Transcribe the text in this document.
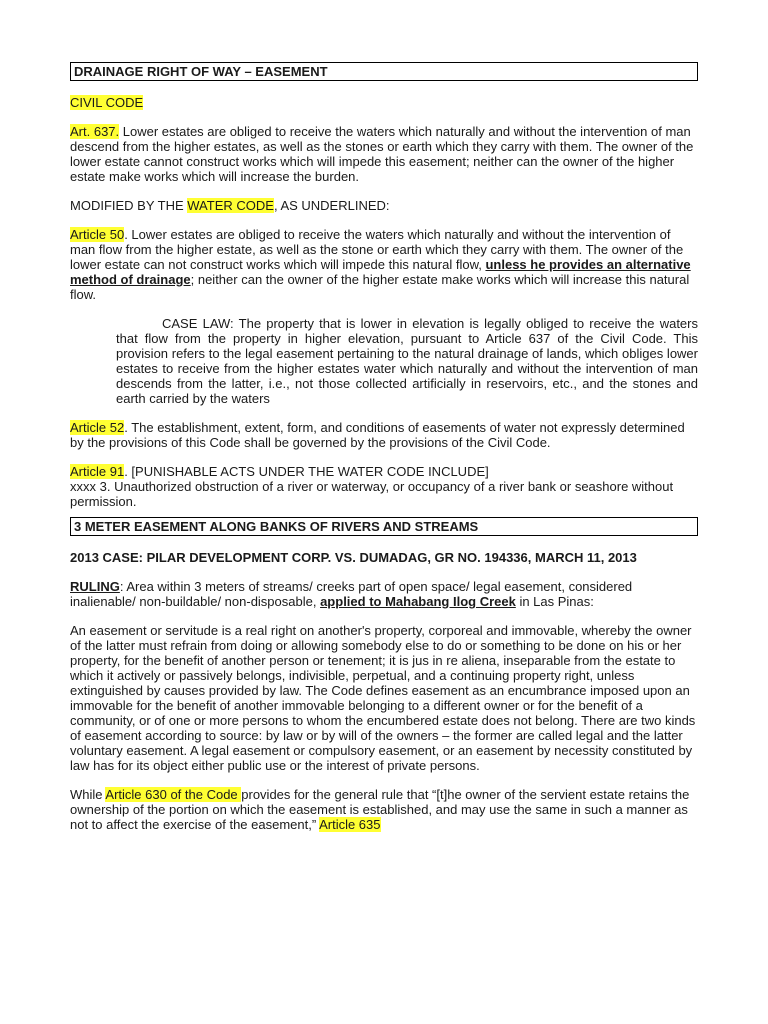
DRAINAGE RIGHT OF WAY – EASEMENT

CIVIL CODE

Art. 637. Lower estates are obliged to receive the waters which naturally and without the intervention of man descend from the higher estates, as well as the stones or earth which they carry with them. The owner of the lower estate cannot construct works which will impede this easement; neither can the owner of the higher estate make works which will increase the burden.

MODIFIED BY THE WATER CODE, AS UNDERLINED:

Article 50. Lower estates are obliged to receive the waters which naturally and without the intervention of man flow from the higher estate, as well as the stone or earth which they carry with them. The owner of the lower estate can not construct works which will impede this natural flow, unless he provides an alternative method of drainage; neither can the owner of the higher estate make works which will increase this natural flow.

CASE LAW: The property that is lower in elevation is legally obliged to receive the waters that flow from the property in higher elevation, pursuant to Article 637 of the Civil Code. This provision refers to the legal easement pertaining to the natural drainage of lands, which obliges lower estates to receive from the higher estates water which naturally and without the intervention of man descends from the latter, i.e., not those collected artificially in reservoirs, etc., and the stones and earth carried by the waters

Article 52. The establishment, extent, form, and conditions of easements of water not expressly determined by the provisions of this Code shall be governed by the provisions of the Civil Code.

Article 91. [PUNISHABLE ACTS UNDER THE WATER CODE INCLUDE]
xxxx 3. Unauthorized obstruction of a river or waterway, or occupancy of a river bank or seashore without permission.

3 METER EASEMENT ALONG BANKS OF RIVERS AND STREAMS

2013 CASE: PILAR DEVELOPMENT CORP. VS. DUMADAG, GR NO. 194336, MARCH 11, 2013

RULING: Area within 3 meters of streams/ creeks part of open space/ legal easement, considered inalienable/ non-buildable/ non-disposable, applied to Mahabang Ilog Creek in Las Pinas:

An easement or servitude is a real right on another's property, corporeal and immovable, whereby the owner of the latter must refrain from doing or allowing somebody else to do or something to be done on his or her property, for the benefit of another person or tenement; it is jus in re aliena, inseparable from the estate to which it actively or passively belongs, indivisible, perpetual, and a continuing property right, unless extinguished by causes provided by law. The Code defines easement as an encumbrance imposed upon an immovable for the benefit of another immovable belonging to a different owner or for the benefit of a community, or of one or more persons to whom the encumbered estate does not belong. There are two kinds of easement according to source: by law or by will of the owners – the former are called legal and the latter voluntary easement. A legal easement or compulsory easement, or an easement by necessity constituted by law has for its object either public use or the interest of private persons.

While Article 630 of the Code provides for the general rule that “[t]he owner of the servient estate retains the ownership of the portion on which the easement is established, and may use the same in such a manner as not to affect the exercise of the easement,” Article 635
